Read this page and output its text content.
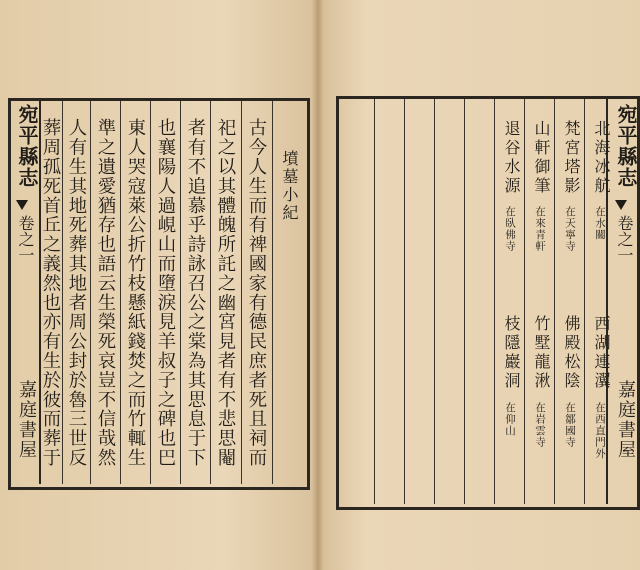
宛平縣志
卷之一
嘉庭書屋
墳墓小紀
古今人生而有禆國家有德民庶者死且祠而
祀之以其體魄所託之幽宮見者有不悲思閹
者有不追慕乎詩詠召公之棠為其思息于下
也襄陽人過峴山而墮淚見羊叔子之碑也巴
東人哭寇萊公折竹枝懸紙錢焚之而竹輒生
準之遺愛猶存也語云生榮死哀豈不信哉然
人有生其地死葬其地者周公封於魯三世反
葬周孤死首丘之義然也亦有生於彼而葬于	宛平縣志
卷之一
嘉庭書屋
北海冰航
在水關
梵宮塔影
在天寧寺
山軒御筆
在來青軒
退谷水源
在臥佛寺
西湖連瀷
在西直門外
佛殿松陰
在鄒國寺
竹墅龍湫
在岩雲寺
枝隱巖洞
在仰山
